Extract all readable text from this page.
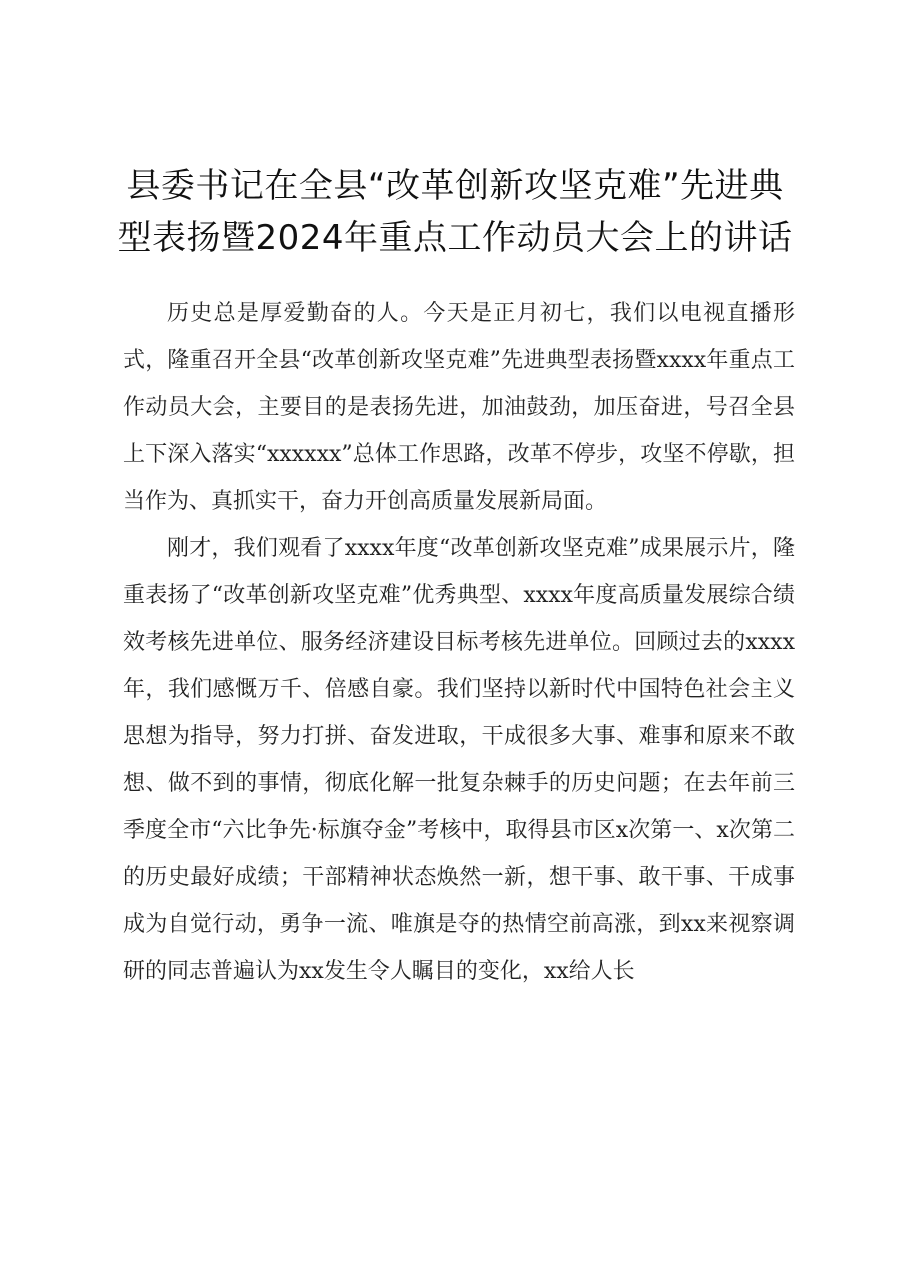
县委书记在全县“改革创新攻坚克难”先进典
型表扬暨2024年重点工作动员大会上的讲话

历史总是厚爱勤奋的人。今天是正月初七，我们以电视直播形式，隆重召开全县“改革创新攻坚克难”先进典型表扬暨xxxx年重点工作动员大会，主要目的是表扬先进，加油鼓劲，加压奋进，号召全县上下深入落实“xxxxxx”总体工作思路，改革不停步，攻坚不停歇，担当作为、真抓实干，奋力开创高质量发展新局面。

刚才，我们观看了xxxx年度“改革创新攻坚克难”成果展示片，隆重表扬了“改革创新攻坚克难”优秀典型、xxxx年度高质量发展综合绩效考核先进单位、服务经济建设目标考核先进单位。回顾过去的xxxx年，我们感慨万千、倍感自豪。我们坚持以新时代中国特色社会主义思想为指导，努力打拼、奋发进取，干成很多大事、难事和原来不敢想、做不到的事情，彻底化解一批复杂棘手的历史问题；在去年前三季度全市“六比争先·标旗夺金”考核中，取得县市区x次第一、x次第二的历史最好成绩；干部精神状态焕然一新，想干事、敢干事、干成事成为自觉行动，勇争一流、唯旗是夺的热情空前高涨，到xx来视察调研的同志普遍认为xx发生令人瞩目的变化，xx给人长
